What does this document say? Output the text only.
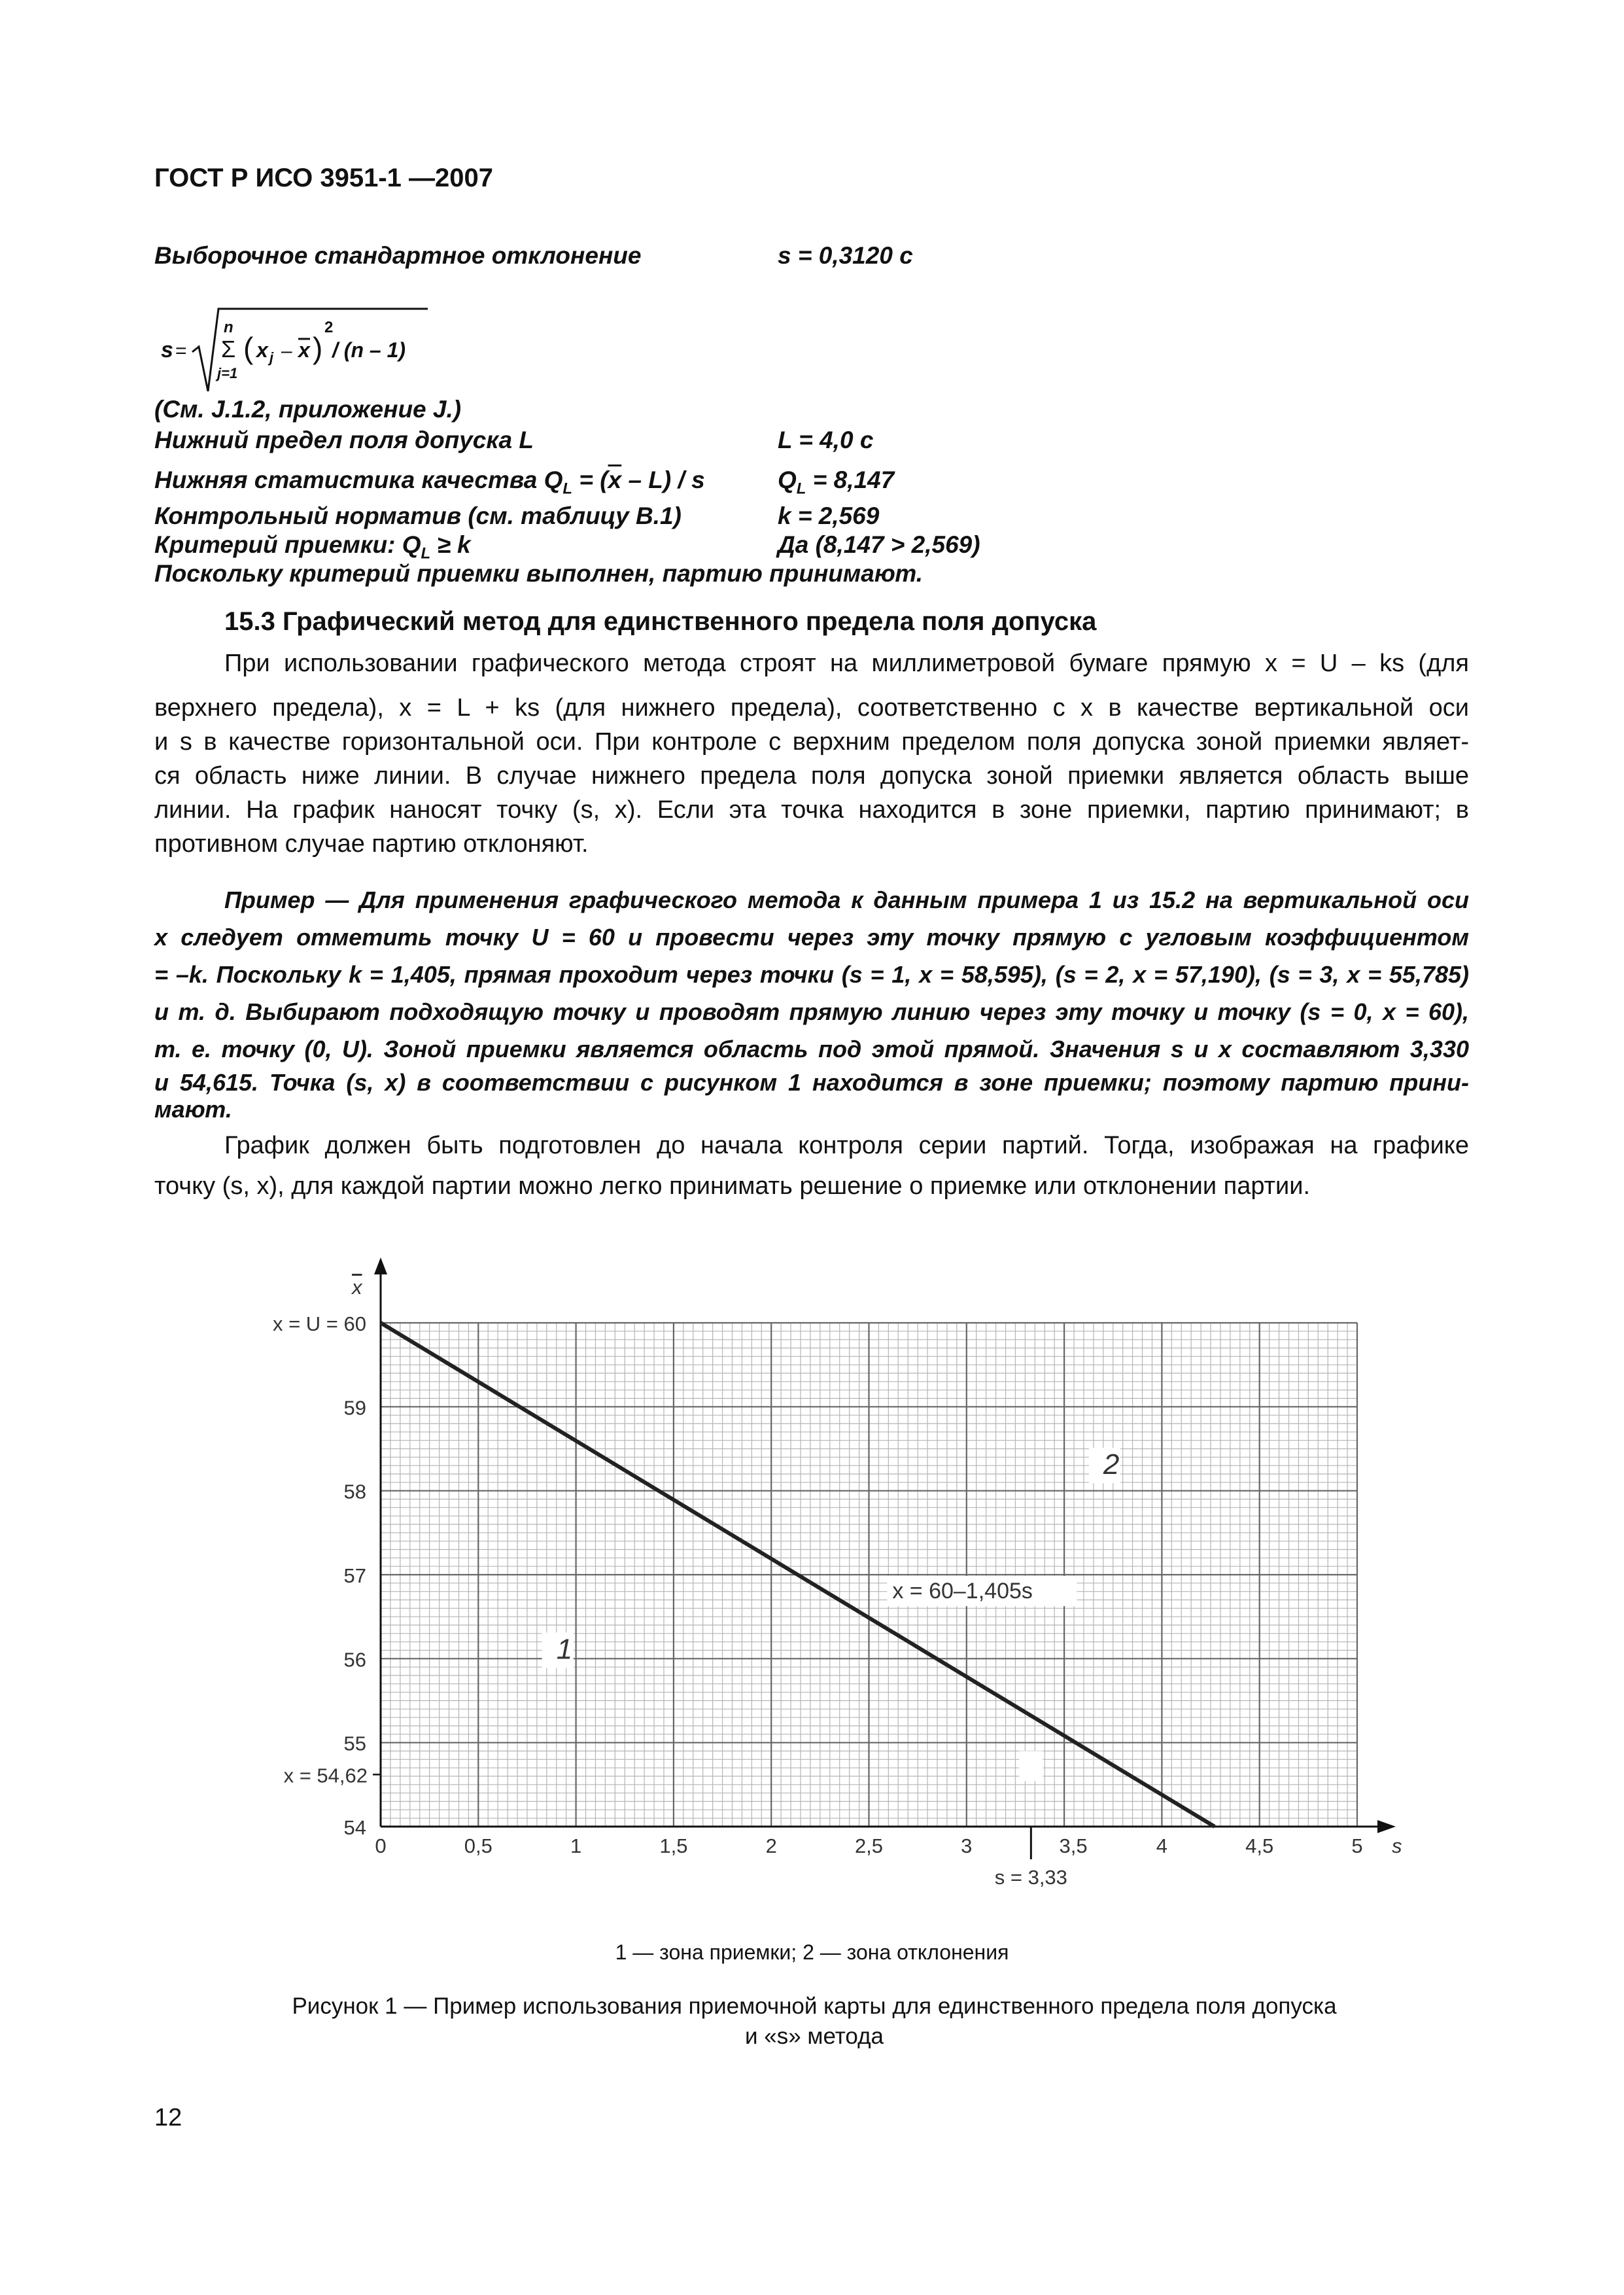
ГОСТ Р ИСО 3951-1 —2007
Выборочное стандартное отклонение	s = 0,3120 с
s =
n
Σ
j=1
( x j – x )
2
/ (n – 1)
(См. J.1.2, приложение J.)
Нижний предел поля допуска L	L = 4,0 с
Нижняя статистика качества $Q_L = (\overline{x} - L) / s$	$Q_L = 8,147$
Контрольный норматив (см. таблицу В.1)	k = 2,569
Критерий приемки: $Q_L \ge k$	Да (8,147 > 2,569)
Поскольку критерий приемки выполнен, партию принимают.
15.3 Графический метод для единственного предела поля допуска
При использовании графического метода строят на миллиметровой бумаге прямую x = U – ks (для
верхнего предела), x = L + ks (для нижнего предела), соответственно с x в качестве вертикальной оси
и s в качестве горизонтальной оси. При контроле с верхним пределом поля допуска зоной приемки являет-
ся область ниже линии. В случае нижнего предела поля допуска зоной приемки является область выше
линии. На график наносят точку (s, x). Если эта точка находится в зоне приемки, партию принимают; в
противном случае партию отклоняют.
Пример — Для применения графического метода к данным примера 1 из 15.2 на вертикальной оси
x следует отметить точку U = 60 и провести через эту точку прямую с угловым коэффициентом
= –k. Поскольку k = 1,405, прямая проходит через точки (s = 1, x = 58,595), (s = 2, x = 57,190), (s = 3, x = 55,785)
и т. д. Выбирают подходящую точку и проводят прямую линию через эту точку и точку (s = 0, x = 60),
т. е. точку (0, U). Зоной приемки является область под этой прямой. Значения s и x составляют 3,330
и 54,615. Точка (s, x) в соответствии с рисунком 1 находится в зоне приемки; поэтому партию прини-
мают.
График должен быть подготовлен до начала контроля серии партий. Тогда, изображая на графике
точку (s, x), для каждой партии можно легко принимать решение о приемке или отклонении партии.
54
55
56
57
58
59
0	0,5	1	1,5	2	2,5	3	3,5	4	4,5	5 s
x
x = U = 60
x = 60–1,405s
1
2
x = 54,62
s = 3,33
1 — зона приемки; 2 — зона отклонения
Рисунок 1 — Пример использования приемочной карты для единственного предела поля допуска
и «s» метода
12
